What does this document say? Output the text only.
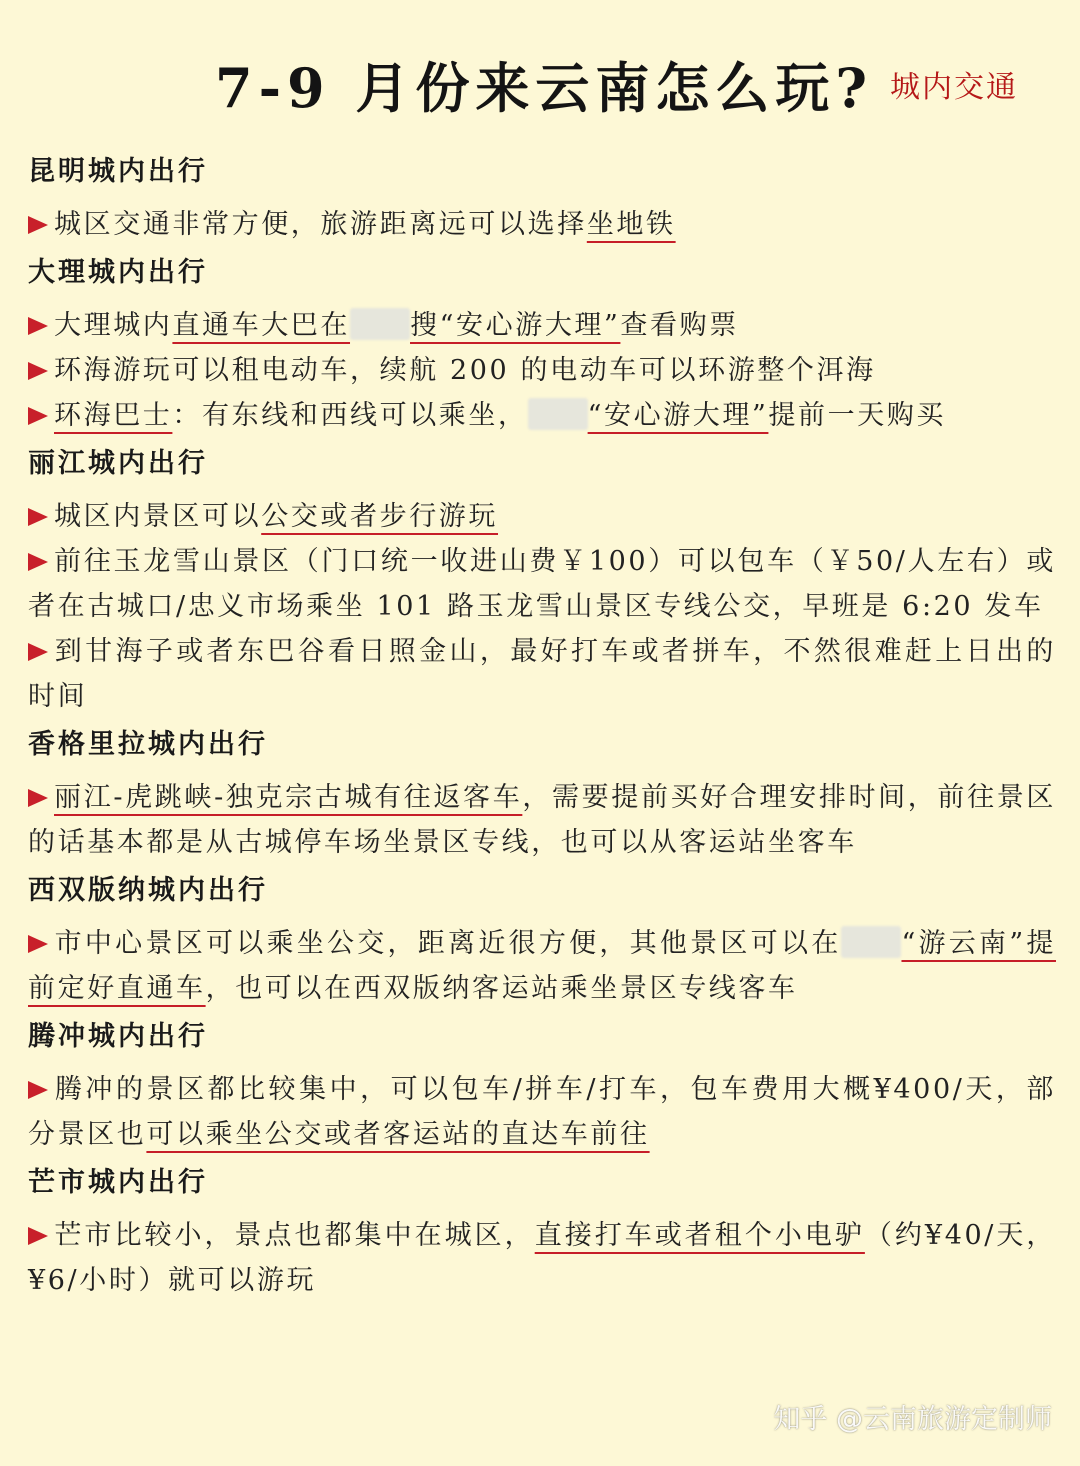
7-9 月份来云南怎么玩? 城内交通
昆明城内出行
城区交通非常方便，旅游距离远可以选择坐地铁
大理城内出行
大理城内直通车大巴在 搜“安心游大理”查看购票
环海游玩可以租电动车，续航 200 的电动车可以环游整个洱海
环海巴士：有东线和西线可以乘坐， “安心游大理”提前一天购买
丽江城内出行
城区内景区可以公交或者步行游玩
前往玉龙雪山景区（门口统一收进山费￥100）可以包车（￥50/人左右）或者在古城口/忠义市场乘坐 101 路玉龙雪山景区专线公交，早班是 6:20 发车
到甘海子或者东巴谷看日照金山，最好打车或者拼车，不然很难赶上日出的时间
香格里拉城内出行
丽江-虎跳峡-独克宗古城有往返客车，需要提前买好合理安排时间，前往景区的话基本都是从古城停车场坐景区专线，也可以从客运站坐客车
西双版纳城内出行
市中心景区可以乘坐公交，距离近很方便，其他景区可以在 “游云南”提前定好直通车，也可以在西双版纳客运站乘坐景区专线客车
腾冲城内出行
腾冲的景区都比较集中，可以包车/拼车/打车，包车费用大概¥400/天，部分景区也可以乘坐公交或者客运站的直达车前往
芒市城内出行
芒市比较小，景点也都集中在城区，直接打车或者租个小电驴（约¥40/天，¥6/小时）就可以游玩
知乎 @云南旅游定制师
